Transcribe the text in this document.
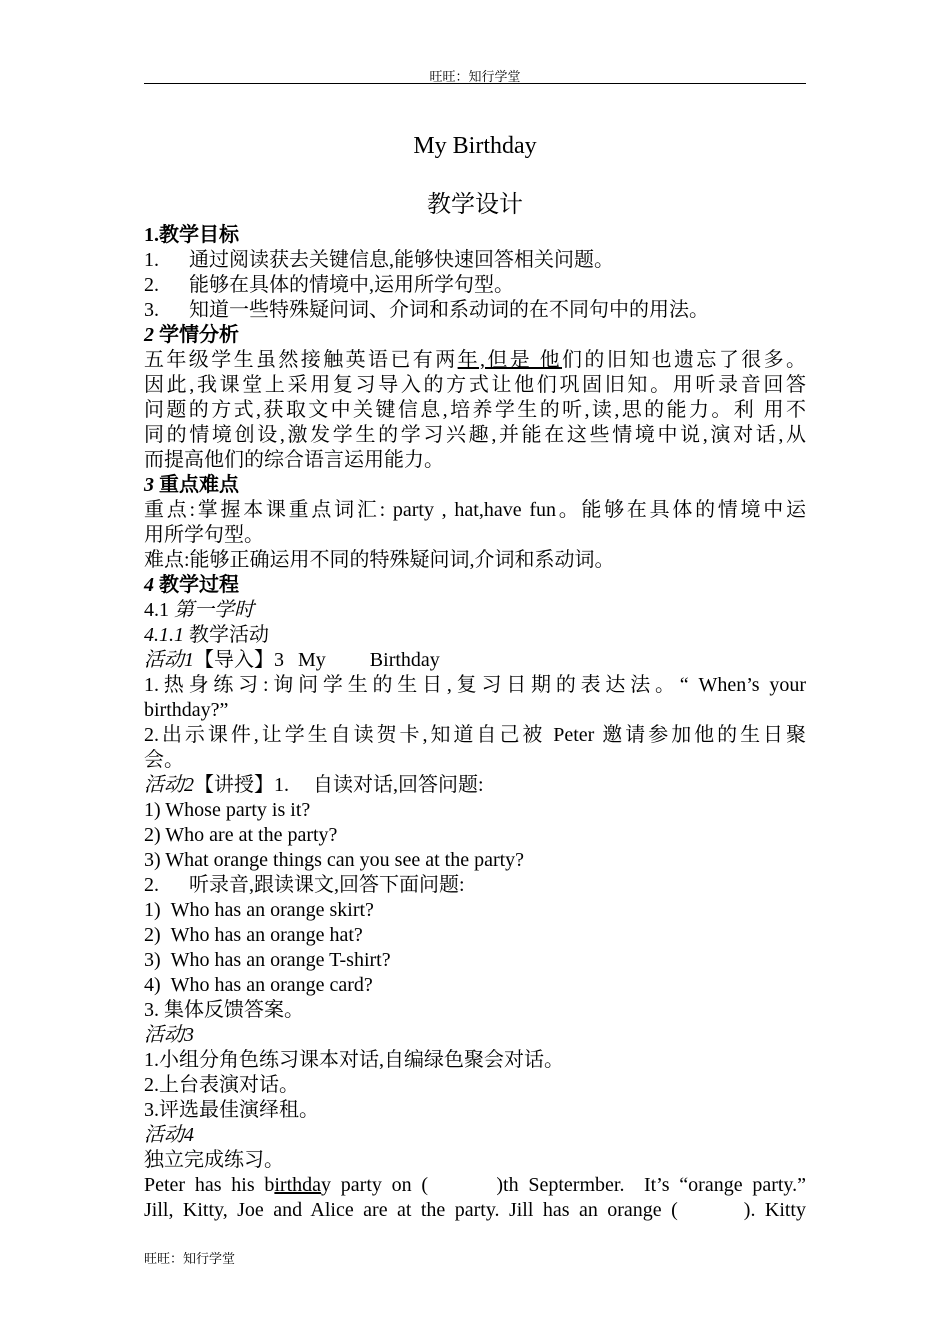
旺旺：知行学堂
My Birthday
教学设计
1.教学目标
1. 通过阅读获去关键信息,能够快速回答相关问题。
2. 能够在具体的情境中,运用所学句型。
3. 知道一些特殊疑问词、介词和系动词的在不同句中的用法。
2 学情分析
五年级学生虽然接触英语已有两年,但是 他们的旧知也遗忘了很多。
因此,我课堂上采用复习导入的方式让他们巩固旧知。用听录音回答
问题的方式,获取文中关键信息,培养学生的听,读,思的能力。利 用不
同的情境创设,激发学生的学习兴趣,并能在这些情境中说,演对话,从
而提高他们的综合语言运用能力。
3 重点难点
重点:掌握本课重点词汇: party , hat,have fun。能够在具体的情境中运
用所学句型。
难点:能够正确运用不同的特殊疑问词,介词和系动词。
4 教学过程
4.1 第一学时
4.1.1 教学活动
活动1【导入】3 My Birthday
1.热身练习:询问学生的生日,复习日期的表达法。“ When’s your
birthday?”
2.出示课件,让学生自读贺卡,知道自己被 Peter 邀请参加他的生日聚
会。
活动2【讲授】1. 自读对话,回答问题:
1) Whose party is it?
2) Who are at the party?
3) What orange things can you see at the party?
2. 听录音,跟读课文,回答下面问题:
1) Who has an orange skirt?
2) Who has an orange hat?
3) Who has an orange T-shirt?
4) Who has an orange card?
3. 集体反馈答案。
活动3
1.小组分角色练习课本对话,自编绿色聚会对话。
2.上台表演对话。
3.评选最佳演绎租。
活动4
独立完成练习。
Peter has his birthday party on (       )th Septermber.  It’s “orange party.”
Jill, Kitty, Joe and Alice are at the party. Jill has an orange (       ). Kitty
旺旺：知行学堂
